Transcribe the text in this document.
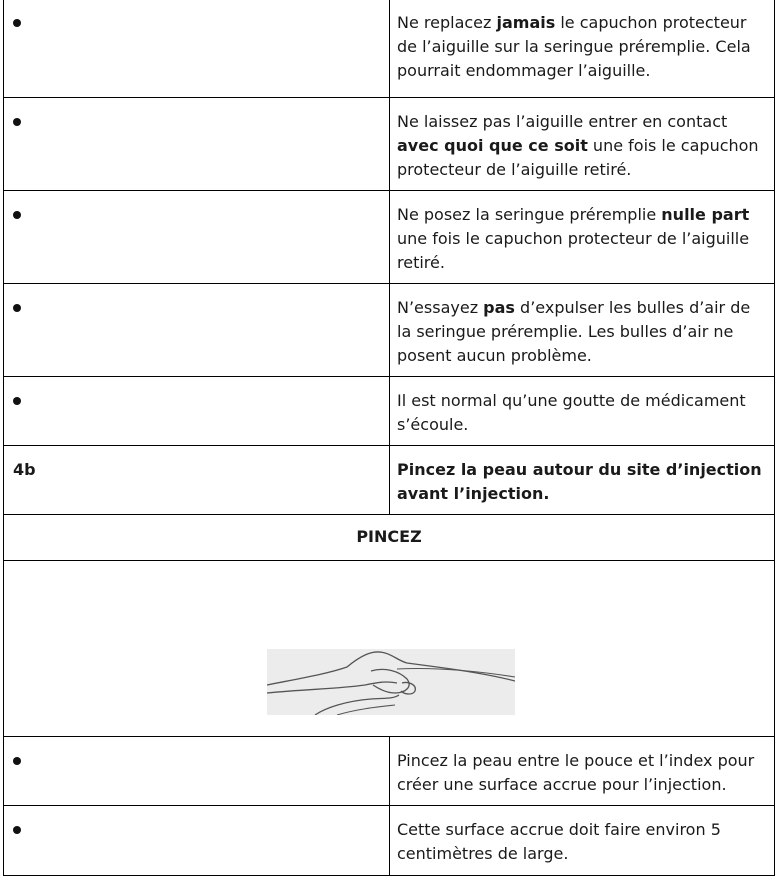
Ne replacez jamais le capuchon protecteur de l’aiguille sur la seringue préremplie. Cela pourrait endommager l’aiguille.
Ne laissez pas l’aiguille entrer en contact avec quoi que ce soit une fois le capuchon protecteur de l’aiguille retiré.
Ne posez la seringue préremplie nulle part une fois le capuchon protecteur de l’aiguille retiré.
N’essayez pas d’expulser les bulles d’air de la seringue préremplie. Les bulles d’air ne posent aucun problème.
Il est normal qu’une goutte de médicament s’écoule.
4b	Pincez la peau autour du site d’injection avant l’injection.
PINCEZ
Pincez la peau entre le pouce et l’index pour créer une surface accrue pour l’injection.
Cette surface accrue doit faire environ 5 centimètres de large.
